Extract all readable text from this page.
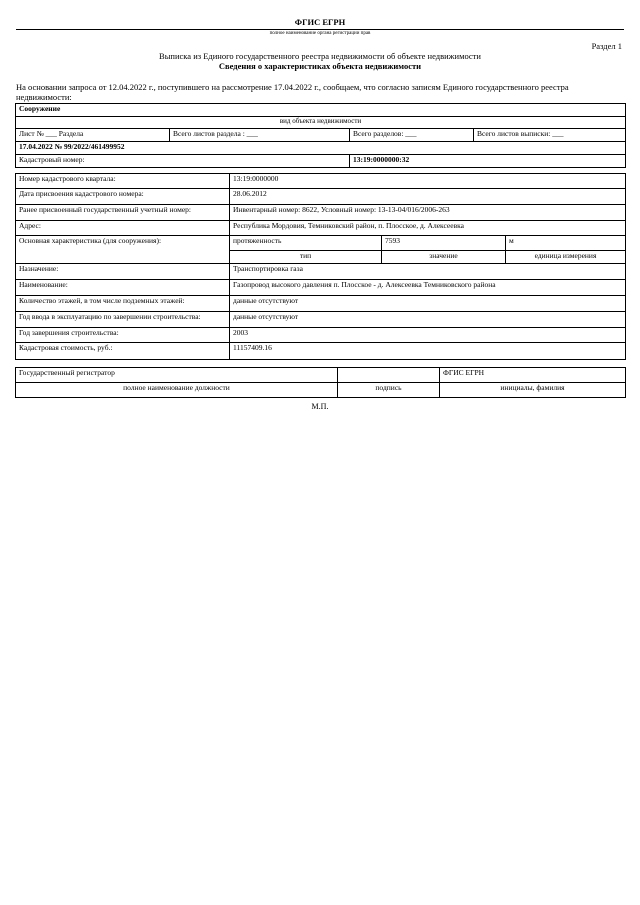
ФГИС ЕГРН
полное наименование органа регистрации прав
Раздел 1
Выписка из Единого государственного реестра недвижимости об объекте недвижимости
Сведения о характеристиках объекта недвижимости
На основании запроса от 12.04.2022 г., поступившего на рассмотрение 17.04.2022 г., сообщаем, что согласно записям Единого государственного реестра недвижимости:
Сооружение			
вид объекта недвижимости			
Лист № ___ Раздела	Всего листов раздела : ___	Всего разделов: ___	Всего листов выписки: ___
17.04.2022 № 99/2022/461499952			
Кадастровый номер:		13:19:0000000:32	
Номер кадастрового квартала:	13:19:0000000		
Дата присвоения кадастрового номера:	28.06.2012		
Ранее присвоенный государственный учетный номер:	Инвентарный номер: 8622, Условный номер: 13-13-04/016/2006-263		
Адрес:	Республика Мордовия, Темниковский район, п. Плосское, д. Алексеевка		
Основная характеристика (для сооружения):	протяженность	7593	м
	тип	значение	единица измерения
Назначение:	Транспортировка газа		
Наименование:	Газопровод высокого давления п. Плосское - д. Алексеевка Темниковского района		
Количество этажей, в том числе подземных этажей:	данные отсутствуют		
Год ввода в эксплуатацию по завершении строительства:	данные отсутствуют		
Год завершения строительства:	2003		
Кадастровая стоимость, руб.:	11157409.16		
Государственный регистратор		ФГИС ЕГРН
полное наименование должности	подпись	инициалы, фамилия
М.П.
